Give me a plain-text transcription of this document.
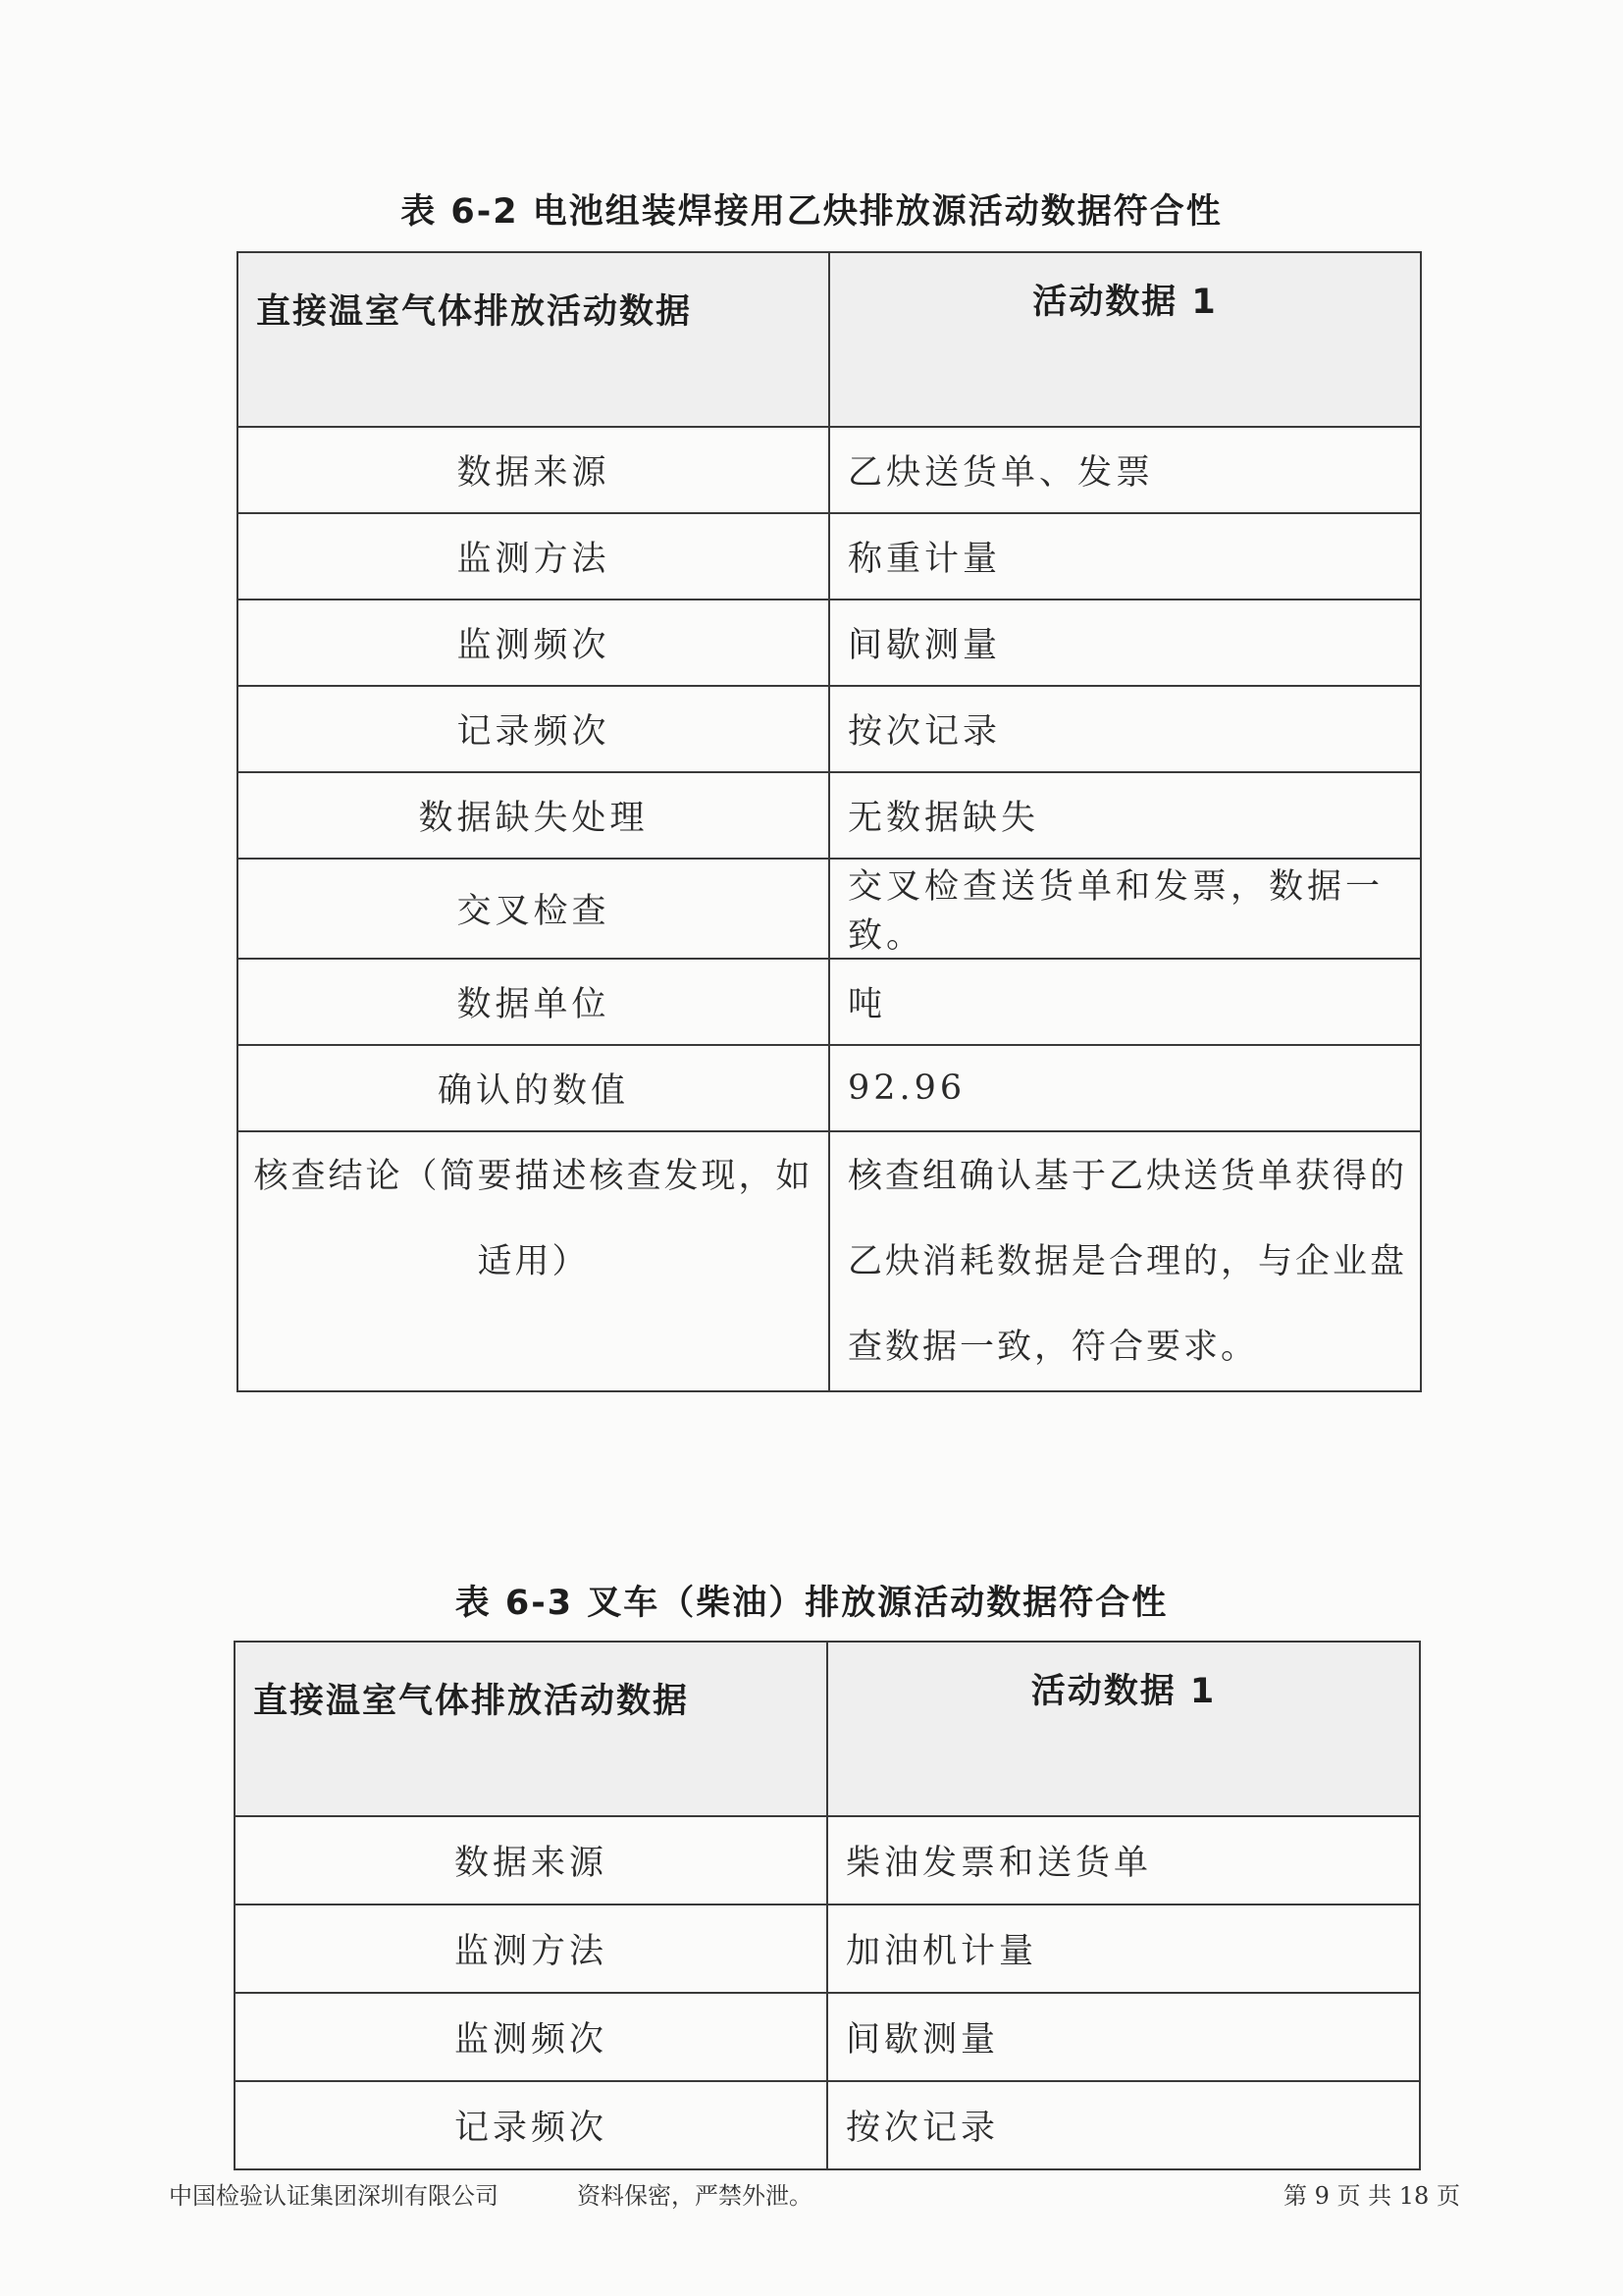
表 6-2 电池组装焊接用乙炔排放源活动数据符合性
直接温室气体排放活动数据	活动数据 1
数据来源	乙炔送货单、发票
监测方法	称重计量
监测频次	间歇测量
记录频次	按次记录
数据缺失处理	无数据缺失
交叉检查	交叉检查送货单和发票，数据一致。
数据单位	吨
确认的数值	92.96
核查结论（简要描述核查发现，如适用）	核查组确认基于乙炔送货单获得的乙炔消耗数据是合理的，与企业盘查数据一致，符合要求。
表 6-3 叉车（柴油）排放源活动数据符合性
直接温室气体排放活动数据	活动数据 1
数据来源	柴油发票和送货单
监测方法	加油机计量
监测频次	间歇测量
记录频次	按次记录
中国检验认证集团深圳有限公司	资料保密，严禁外泄。	第 9 页 共 18 页
